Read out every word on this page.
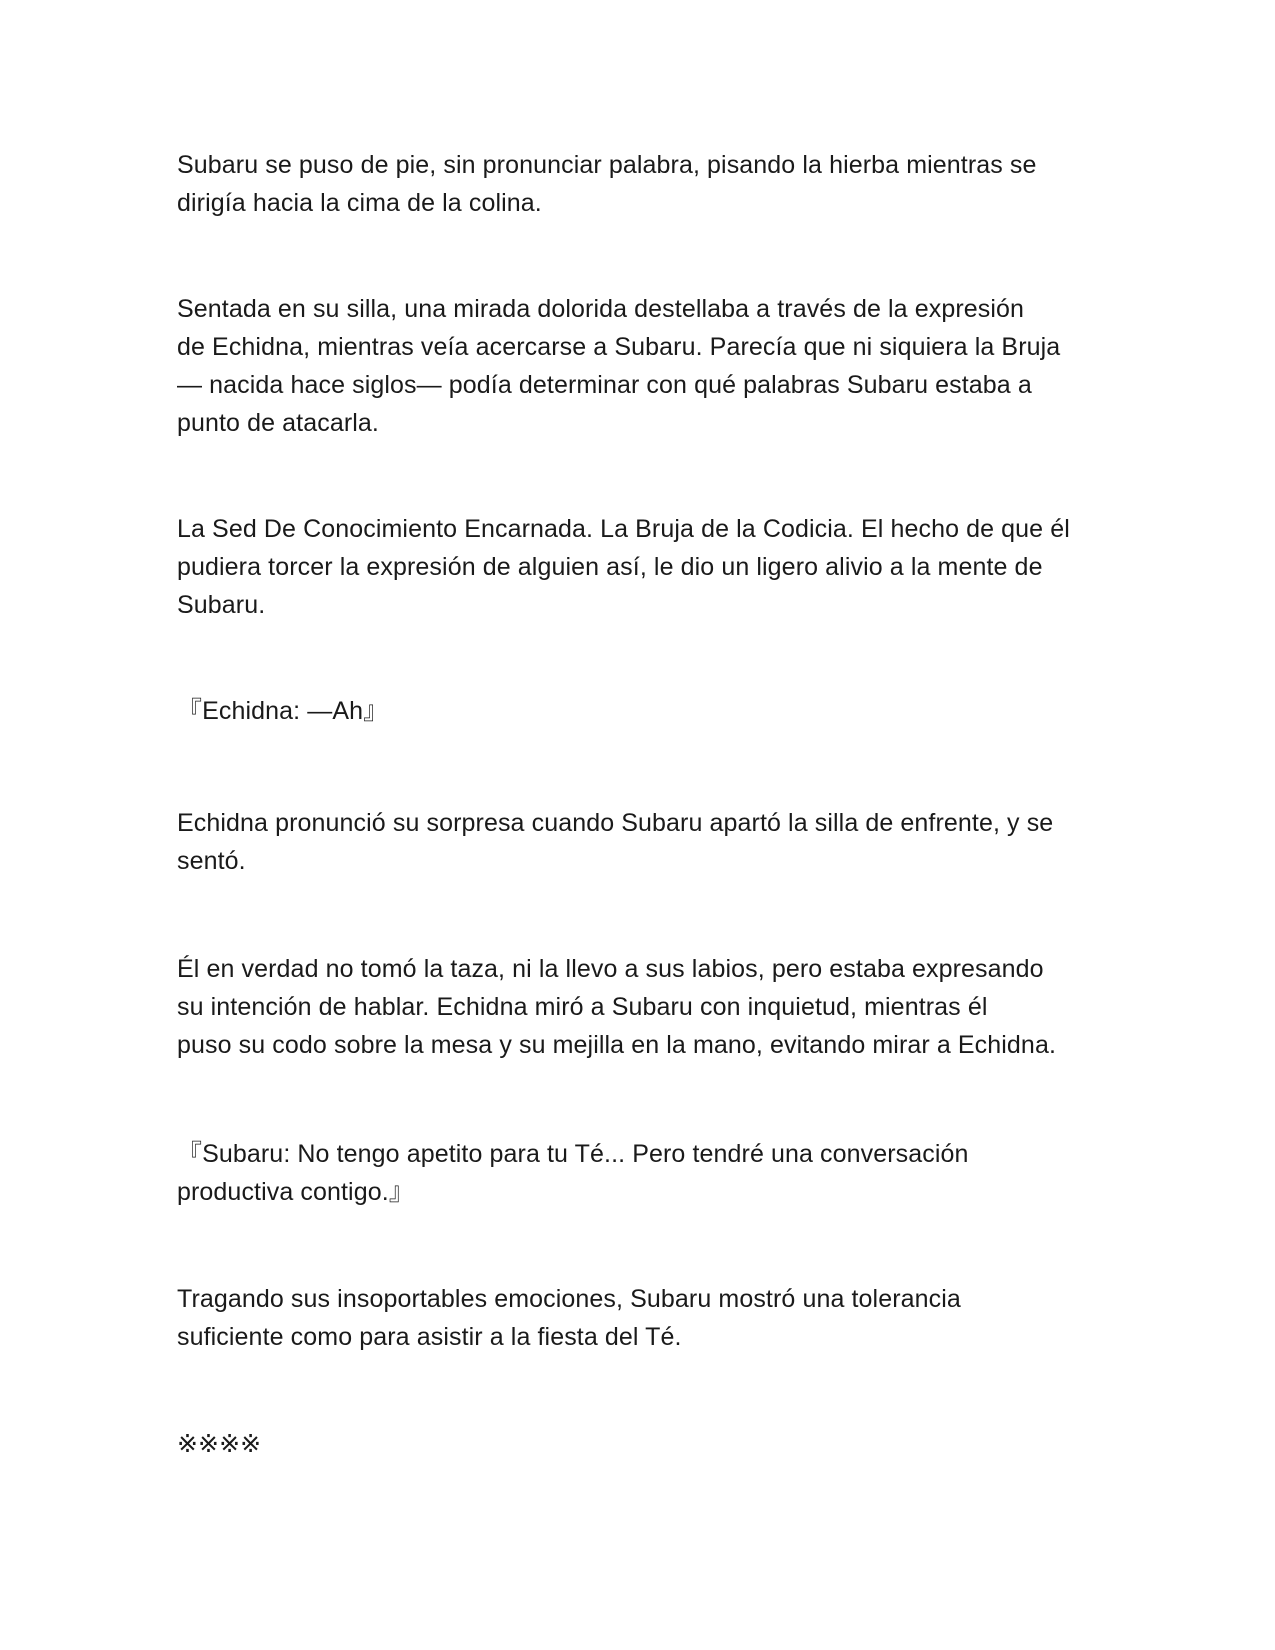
Subaru se puso de pie, sin pronunciar palabra, pisando la hierba mientras se
dirigía hacia la cima de la colina.

Sentada en su silla, una mirada dolorida destellaba a través de la expresión
de Echidna, mientras veía acercarse a Subaru. Parecía que ni siquiera la Bruja
— nacida hace siglos— podía determinar con qué palabras Subaru estaba a
punto de atacarla.

La Sed De Conocimiento Encarnada. La Bruja de la Codicia. El hecho de que él
pudiera torcer la expresión de alguien así, le dio un ligero alivio a la mente de
Subaru.

『Echidna: —Ah』

Echidna pronunció su sorpresa cuando Subaru apartó la silla de enfrente, y se
sentó.

Él en verdad no tomó la taza, ni la llevo a sus labios, pero estaba expresando
su intención de hablar. Echidna miró a Subaru con inquietud, mientras él
puso su codo sobre la mesa y su mejilla en la mano, evitando mirar a Echidna.

『Subaru: No tengo apetito para tu Té... Pero tendré una conversación
productiva contigo.』

Tragando sus insoportables emociones, Subaru mostró una tolerancia
suficiente como para asistir a la fiesta del Té.

※※※※
